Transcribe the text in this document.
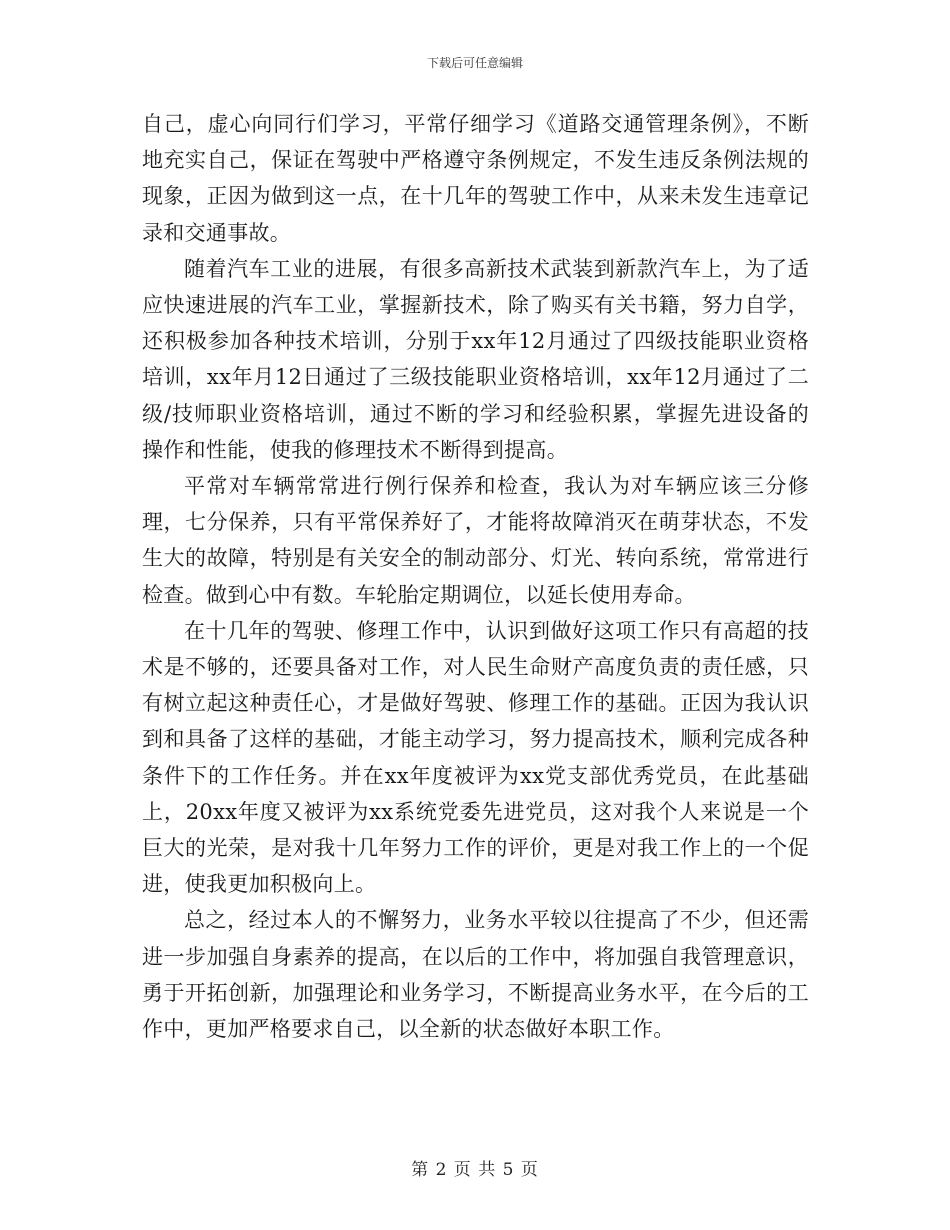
下载后可任意编辑

自己，虚心向同行们学习，平常仔细学习《道路交通管理条例》，不断地充实自己，保证在驾驶中严格遵守条例规定，不发生违反条例法规的现象，正因为做到这一点，在十几年的驾驶工作中，从来未发生违章记录和交通事故。

随着汽车工业的进展，有很多高新技术武装到新款汽车上，为了适应快速进展的汽车工业，掌握新技术，除了购买有关书籍，努力自学，还积极参加各种技术培训，分别于xx年12月通过了四级技能职业资格培训，xx年月12日通过了三级技能职业资格培训，xx年12月通过了二级/技师职业资格培训，通过不断的学习和经验积累，掌握先进设备的操作和性能，使我的修理技术不断得到提高。

平常对车辆常常进行例行保养和检查，我认为对车辆应该三分修理，七分保养，只有平常保养好了，才能将故障消灭在萌芽状态，不发生大的故障，特别是有关安全的制动部分、灯光、转向系统，常常进行检查。做到心中有数。车轮胎定期调位，以延长使用寿命。

在十几年的驾驶、修理工作中，认识到做好这项工作只有高超的技术是不够的，还要具备对工作，对人民生命财产高度负责的责任感，只有树立起这种责任心，才是做好驾驶、修理工作的基础。正因为我认识到和具备了这样的基础，才能主动学习，努力提高技术，顺利完成各种条件下的工作任务。并在xx年度被评为xx党支部优秀党员，在此基础上，20xx年度又被评为xx系统党委先进党员，这对我个人来说是一个巨大的光荣，是对我十几年努力工作的评价，更是对我工作上的一个促进，使我更加积极向上。

总之，经过本人的不懈努力，业务水平较以往提高了不少，但还需进一步加强自身素养的提高，在以后的工作中，将加强自我管理意识，勇于开拓创新，加强理论和业务学习，不断提高业务水平，在今后的工作中，更加严格要求自己，以全新的状态做好本职工作。

第 2 页 共 5 页
